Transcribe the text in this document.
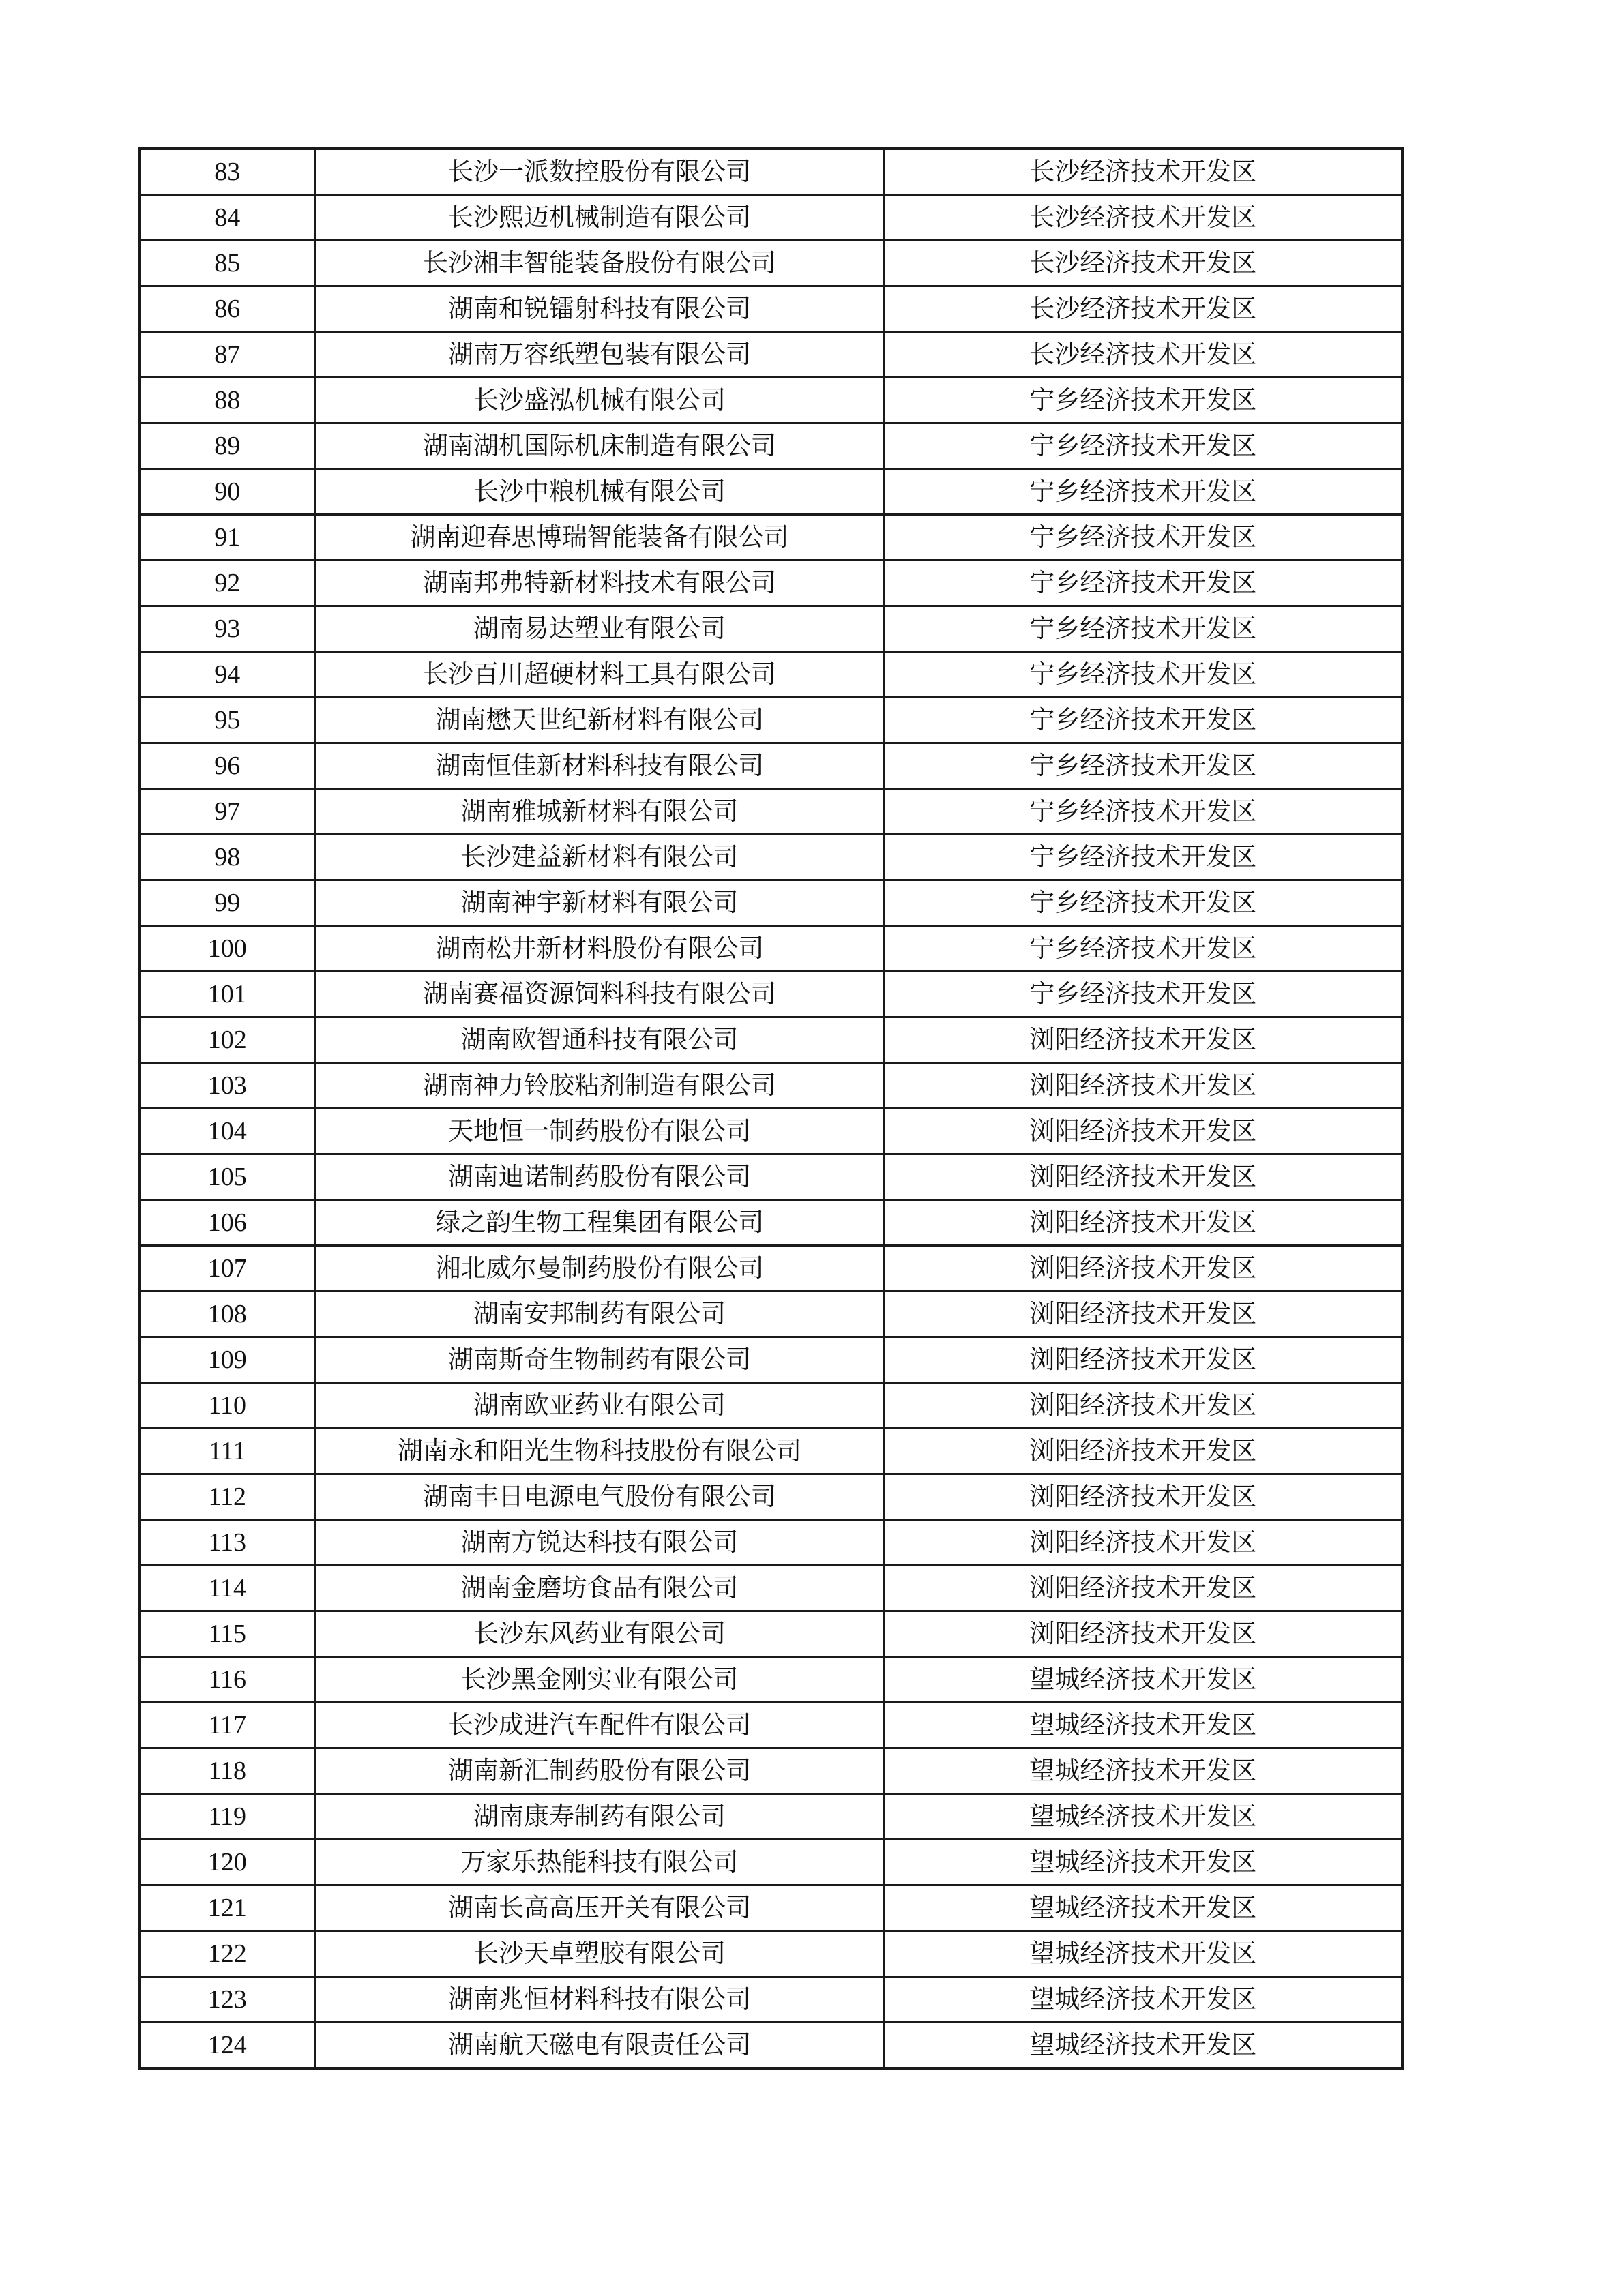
83	长沙一派数控股份有限公司	长沙经济技术开发区
84	长沙熙迈机械制造有限公司	长沙经济技术开发区
85	长沙湘丰智能装备股份有限公司	长沙经济技术开发区
86	湖南和锐镭射科技有限公司	长沙经济技术开发区
87	湖南万容纸塑包装有限公司	长沙经济技术开发区
88	长沙盛泓机械有限公司	宁乡经济技术开发区
89	湖南湖机国际机床制造有限公司	宁乡经济技术开发区
90	长沙中粮机械有限公司	宁乡经济技术开发区
91	湖南迎春思博瑞智能装备有限公司	宁乡经济技术开发区
92	湖南邦弗特新材料技术有限公司	宁乡经济技术开发区
93	湖南易达塑业有限公司	宁乡经济技术开发区
94	长沙百川超硬材料工具有限公司	宁乡经济技术开发区
95	湖南懋天世纪新材料有限公司	宁乡经济技术开发区
96	湖南恒佳新材料科技有限公司	宁乡经济技术开发区
97	湖南雅城新材料有限公司	宁乡经济技术开发区
98	长沙建益新材料有限公司	宁乡经济技术开发区
99	湖南神宇新材料有限公司	宁乡经济技术开发区
100	湖南松井新材料股份有限公司	宁乡经济技术开发区
101	湖南赛福资源饲料科技有限公司	宁乡经济技术开发区
102	湖南欧智通科技有限公司	浏阳经济技术开发区
103	湖南神力铃胶粘剂制造有限公司	浏阳经济技术开发区
104	天地恒一制药股份有限公司	浏阳经济技术开发区
105	湖南迪诺制药股份有限公司	浏阳经济技术开发区
106	绿之韵生物工程集团有限公司	浏阳经济技术开发区
107	湘北威尔曼制药股份有限公司	浏阳经济技术开发区
108	湖南安邦制药有限公司	浏阳经济技术开发区
109	湖南斯奇生物制药有限公司	浏阳经济技术开发区
110	湖南欧亚药业有限公司	浏阳经济技术开发区
111	湖南永和阳光生物科技股份有限公司	浏阳经济技术开发区
112	湖南丰日电源电气股份有限公司	浏阳经济技术开发区
113	湖南方锐达科技有限公司	浏阳经济技术开发区
114	湖南金磨坊食品有限公司	浏阳经济技术开发区
115	长沙东风药业有限公司	浏阳经济技术开发区
116	长沙黑金刚实业有限公司	望城经济技术开发区
117	长沙成进汽车配件有限公司	望城经济技术开发区
118	湖南新汇制药股份有限公司	望城经济技术开发区
119	湖南康寿制药有限公司	望城经济技术开发区
120	万家乐热能科技有限公司	望城经济技术开发区
121	湖南长高高压开关有限公司	望城经济技术开发区
122	长沙天卓塑胶有限公司	望城经济技术开发区
123	湖南兆恒材料科技有限公司	望城经济技术开发区
124	湖南航天磁电有限责任公司	望城经济技术开发区
